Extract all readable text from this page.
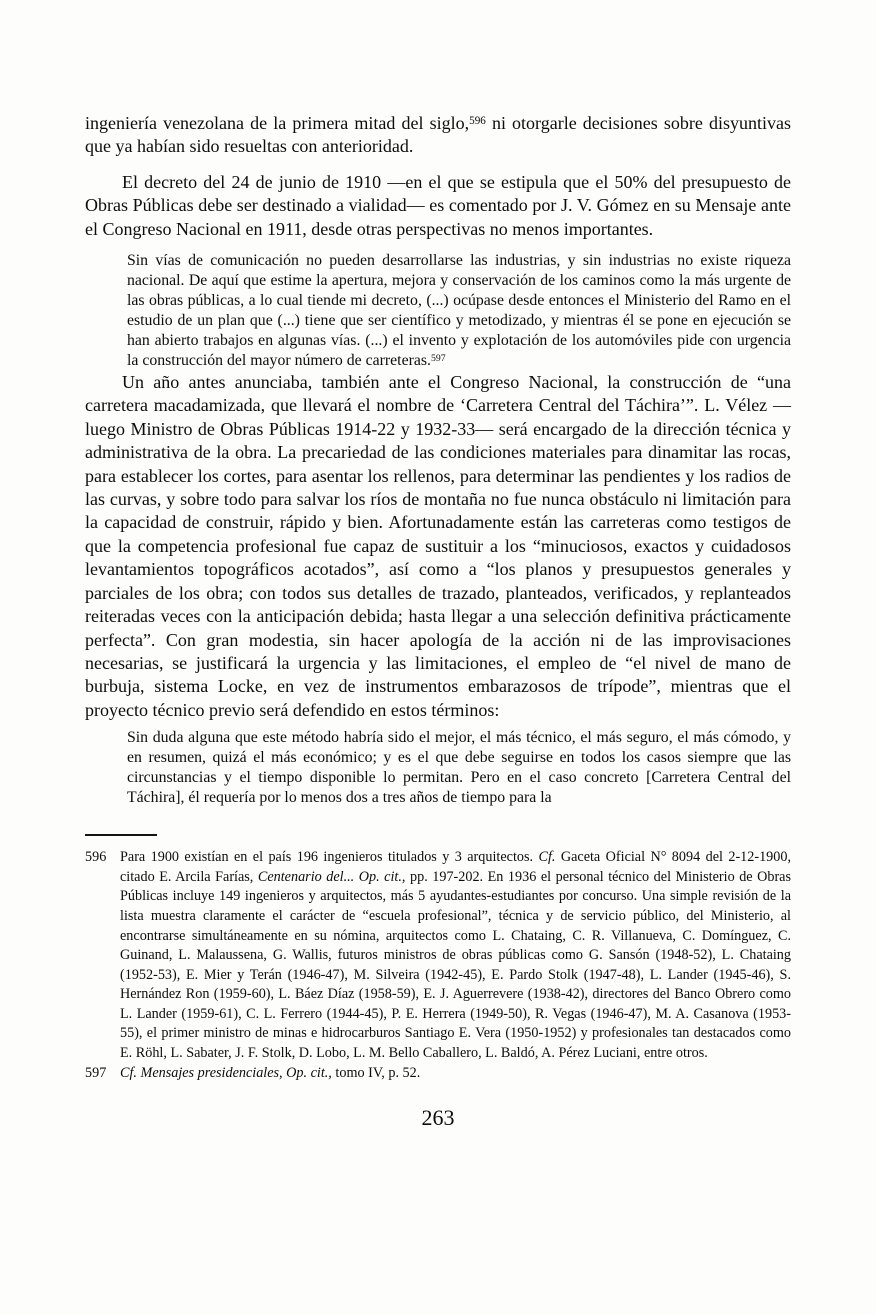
ingeniería venezolana de la primera mitad del siglo,$^{596}$ ni otorgarle decisiones sobre disyuntivas que ya habían sido resueltas con anterioridad.

El decreto del 24 de junio de 1910 —en el que se estipula que el 50% del presupuesto de Obras Públicas debe ser destinado a vialidad— es comentado por J. V. Gómez en su Mensaje ante el Congreso Nacional en 1911, desde otras perspectivas no menos importantes.

Sin vías de comunicación no pueden desarrollarse las industrias, y sin industrias no existe riqueza nacional. De aquí que estime la apertura, mejora y conservación de los caminos como la más urgente de las obras públicas, a lo cual tiende mi decreto, (...) ocúpase desde entonces el Ministerio del Ramo en el estudio de un plan que (...) tiene que ser científico y metodizado, y mientras él se pone en ejecución se han abierto trabajos en algunas vías. (...) el invento y explotación de los automóviles pide con urgencia la construcción del mayor número de carreteras.$^{597}$

Un año antes anunciaba, también ante el Congreso Nacional, la construcción de “una carretera macadamizada, que llevará el nombre de ‘Carretera Central del Táchira’”. L. Vélez —luego Ministro de Obras Públicas 1914-22 y 1932-33— será encargado de la dirección técnica y administrativa de la obra. La precariedad de las condiciones materiales para dinamitar las rocas, para establecer los cortes, para asentar los rellenos, para determinar las pendientes y los radios de las curvas, y sobre todo para salvar los ríos de montaña no fue nunca obstáculo ni limitación para la capacidad de construir, rápido y bien. Afortunadamente están las carreteras como testigos de que la competencia profesional fue capaz de sustituir a los “minuciosos, exactos y cuidadosos levantamientos topográficos acotados”, así como a “los planos y presupuestos generales y parciales de los obra; con todos sus detalles de trazado, planteados, verificados, y replanteados reiteradas veces con la anticipación debida; hasta llegar a una selección definitiva prácticamente perfecta”. Con gran modestia, sin hacer apología de la acción ni de las improvisaciones necesarias, se justificará la urgencia y las limitaciones, el empleo de “el nivel de mano de burbuja, sistema Locke, en vez de instrumentos embarazosos de trípode”, mientras que el proyecto técnico previo será defendido en estos términos:

Sin duda alguna que este método habría sido el mejor, el más técnico, el más seguro, el más cómodo, y en resumen, quizá el más económico; y es el que debe seguirse en todos los casos siempre que las circunstancias y el tiempo disponible lo permitan. Pero en el caso concreto [Carretera Central del Táchira], él requería por lo menos dos a tres años de tiempo para la
596 Para 1900 existían en el país 196 ingenieros titulados y 3 arquitectos. Cf. Gaceta Oficial N° 8094 del 2-12-1900, citado E. Arcila Farías, Centenario del... Op. cit., pp. 197-202. En 1936 el personal técnico del Ministerio de Obras Públicas incluye 149 ingenieros y arquitectos, más 5 ayudantes-estudiantes por concurso. Una simple revisión de la lista muestra claramente el carácter de “escuela profesional”, técnica y de servicio público, del Ministerio, al encontrarse simultáneamente en su nómina, arquitectos como L. Chataing, C. R. Villanueva, C. Domínguez, C. Guinand, L. Malaussena, G. Wallis, futuros ministros de obras públicas como G. Sansón (1948-52), L. Chataing (1952-53), E. Mier y Terán (1946-47), M. Silveira (1942-45), E. Pardo Stolk (1947-48), L. Lander (1945-46), S. Hernández Ron (1959-60), L. Báez Díaz (1958-59), E. J. Aguerrevere (1938-42), directores del Banco Obrero como L. Lander (1959-61), C. L. Ferrero (1944-45), P. E. Herrera (1949-50), R. Vegas (1946-47), M. A. Casanova (1953-55), el primer ministro de minas e hidrocarburos Santiago E. Vera (1950-1952) y profesionales tan destacados como E. Röhl, L. Sabater, J. F. Stolk, D. Lobo, L. M. Bello Caballero, L. Baldó, A. Pérez Luciani, entre otros.
597 Cf. Mensajes presidenciales, Op. cit., tomo IV, p. 52.
263
